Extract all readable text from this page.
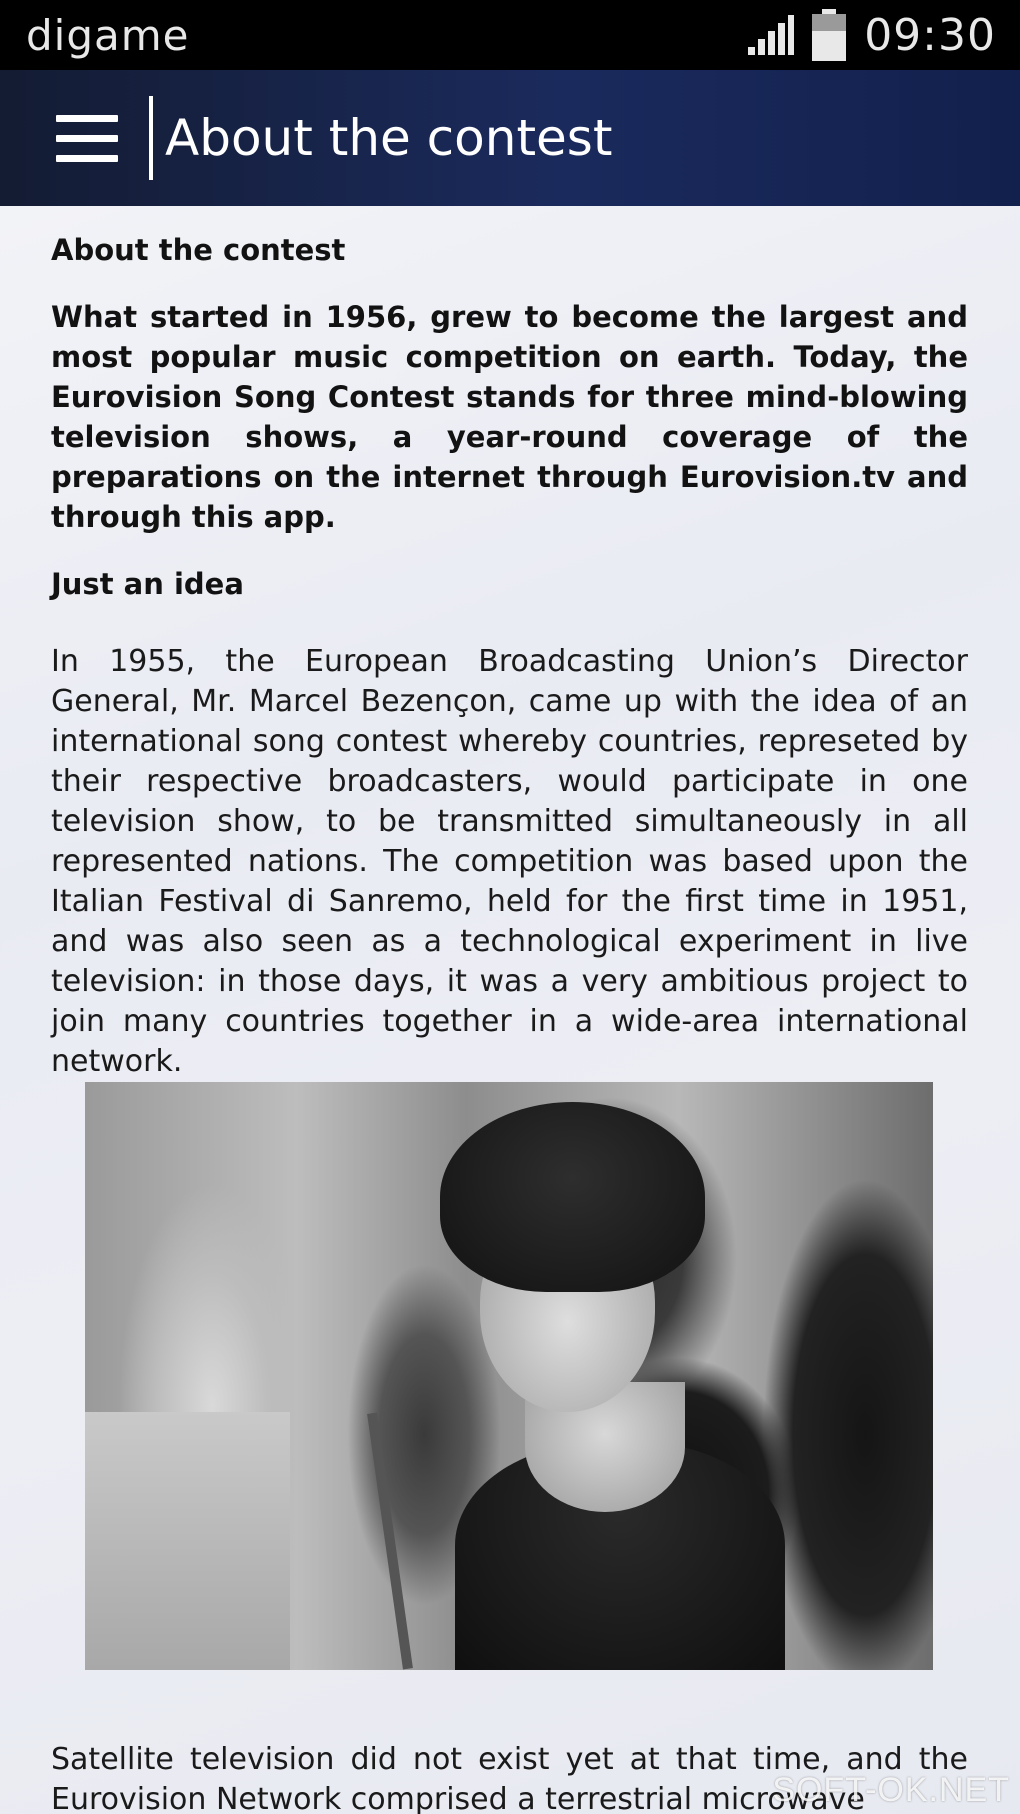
digame	09:30
About the contest
About the contest

What started in 1956, grew to become the largest and most popular music competition on earth. Today, the Eurovision Song Contest stands for three mind-blowing television shows, a year-round coverage of the preparations on the internet through Eurovision.tv and through this app.

Just an idea

In 1955, the European Broadcasting Union’s Director General, Mr. Marcel Bezençon, came up with the idea of an international song contest whereby countries, represeted by their respective broadcasters, would participate in one television show, to be transmitted simultaneously in all represented nations. The competition was based upon the Italian Festival di Sanremo, held for the first time in 1951, and was also seen as a technological experiment in live television: in those days, it was a very ambitious project to join many countries together in a wide-area international network.

Satellite television did not exist yet at that time, and the Eurovision Network comprised a terrestrial microwave

SOFT-OK.NET
